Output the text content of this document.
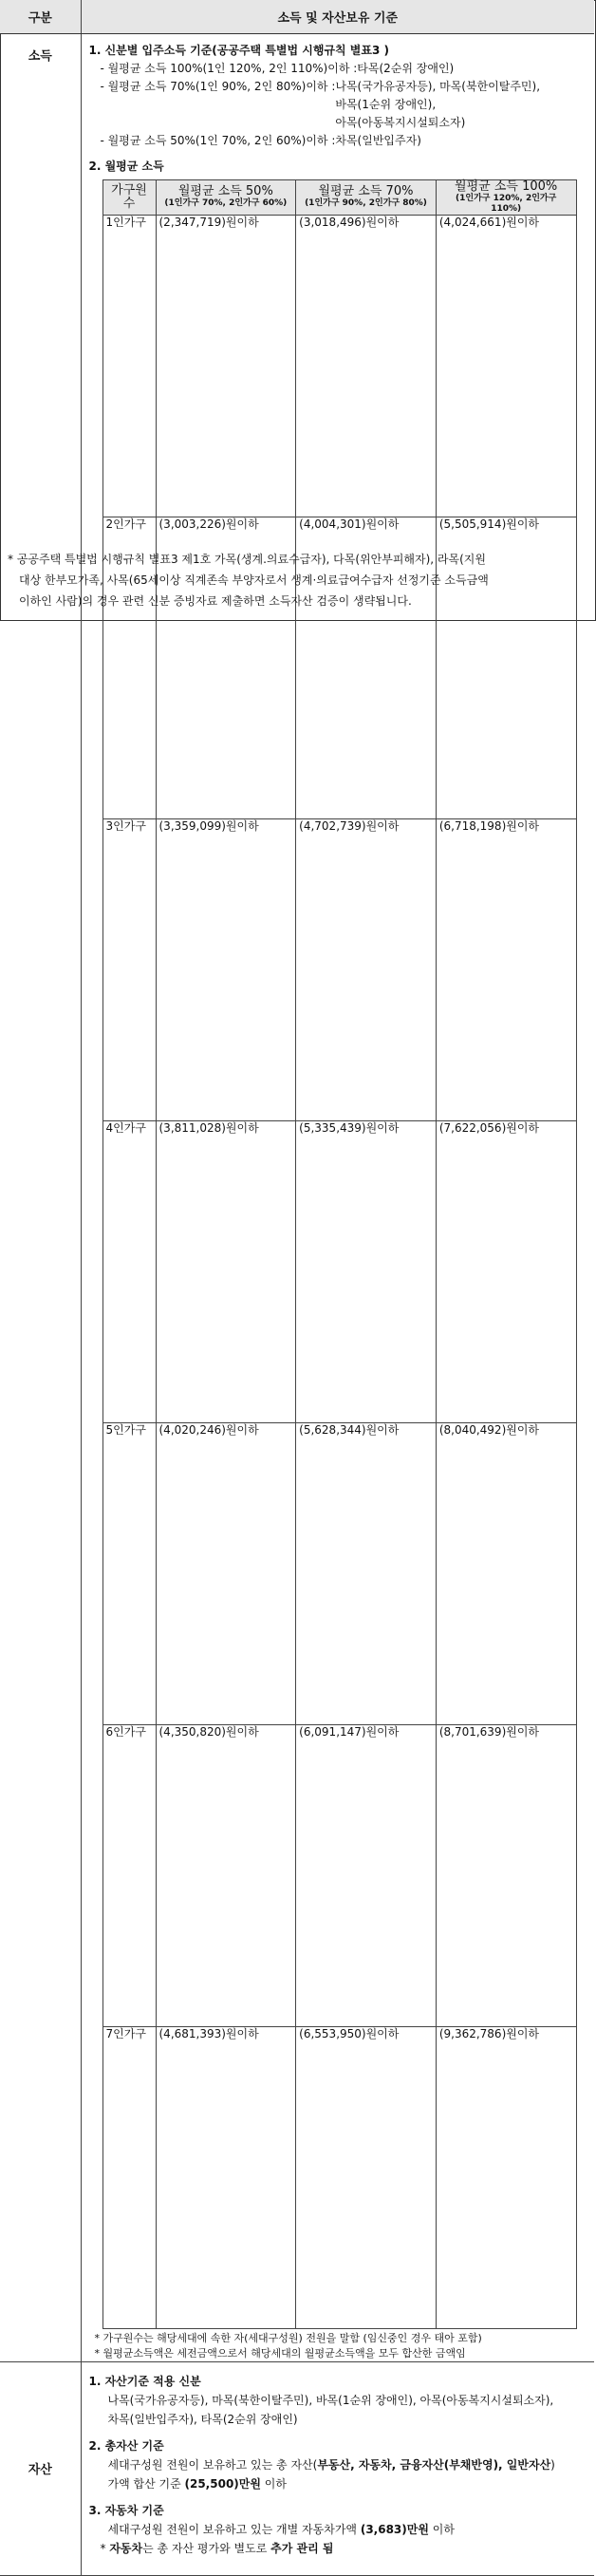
구분	소득 및 자산보유 기준
소득	1. 신분별 입주소득 기준(공공주택 특별법 시행규칙 별표3 )
- 월평균 소득 100%(1인 120%, 2인 110%)이하 : 타목(2순위 장애인)
- 월평균 소득 70%(1인 90%, 2인 80%)이하 : 나목(국가유공자등), 마목(북한이탈주민),
바목(1순위 장애인),
아목(아동복지시설퇴소자)
- 월평균 소득 50%(1인 70%, 2인 60%)이하 : 차목(일반입주자)
2. 월평균 소득
가구원수	월평균 소득 50%
(1인가구 70%, 2인가구 60%)
	월평균 소득 70%
(1인가구 90%, 2인가구 80%)
	월평균 소득 100%
(1인가구 120%, 2인가구 110%)

1인가구	(2,347,719)원이하	(3,018,496)원이하	(4,024,661)원이하
2인가구	(3,003,226)원이하	(4,004,301)원이하	(5,505,914)원이하
3인가구	(3,359,099)원이하	(4,702,739)원이하	(6,718,198)원이하
4인가구	(3,811,028)원이하	(5,335,439)원이하	(7,622,056)원이하
5인가구	(4,020,246)원이하	(5,628,344)원이하	(8,040,492)원이하
6인가구	(4,350,820)원이하	(6,091,147)원이하	(8,701,639)원이하
7인가구	(4,681,393)원이하	(6,553,950)원이하	(9,362,786)원이하
* 가구원수는 해당세대에 속한 자(세대구성원) 전원을 말함 (임신중인 경우 태아 포함)
* 월평균소득액은 세전금액으로서 해당세대의 월평균소득액을 모두 합산한 금액임

자산	
1. 자산기준 적용 신분
나목(국가유공자등), 마목(북한이탈주민), 바목(1순위 장애인), 아목(아동복지시설퇴소자),
차목(일반입주자), 타목(2순위 장애인)
2. 총자산 기준
세대구성원 전원이 보유하고 있는 총 자산(부동산, 자동차, 금융자산(부채반영), 일반자산)
가액 합산 기준 (25,500)만원 이하
3. 자동차 기준
세대구성원 전원이 보유하고 있는 개별 자동차가액 (3,683)만원 이하
* 자동차는 총 자산 평가와 별도로 추가 관리 됨
* 공공주택 특별법 시행규칙 별표3 제1호 가목(생계.의료수급자), 다목(위안부피해자), 라목(지원
대상 한부모가족, 사목(65세이상 직계존속 부양자로서 생계·의료급여수급자 선정기준 소득금액
이하인 사람)의 경우 관련 신분 증빙자료 제출하면 소득자산 검증이 생략됩니다.
